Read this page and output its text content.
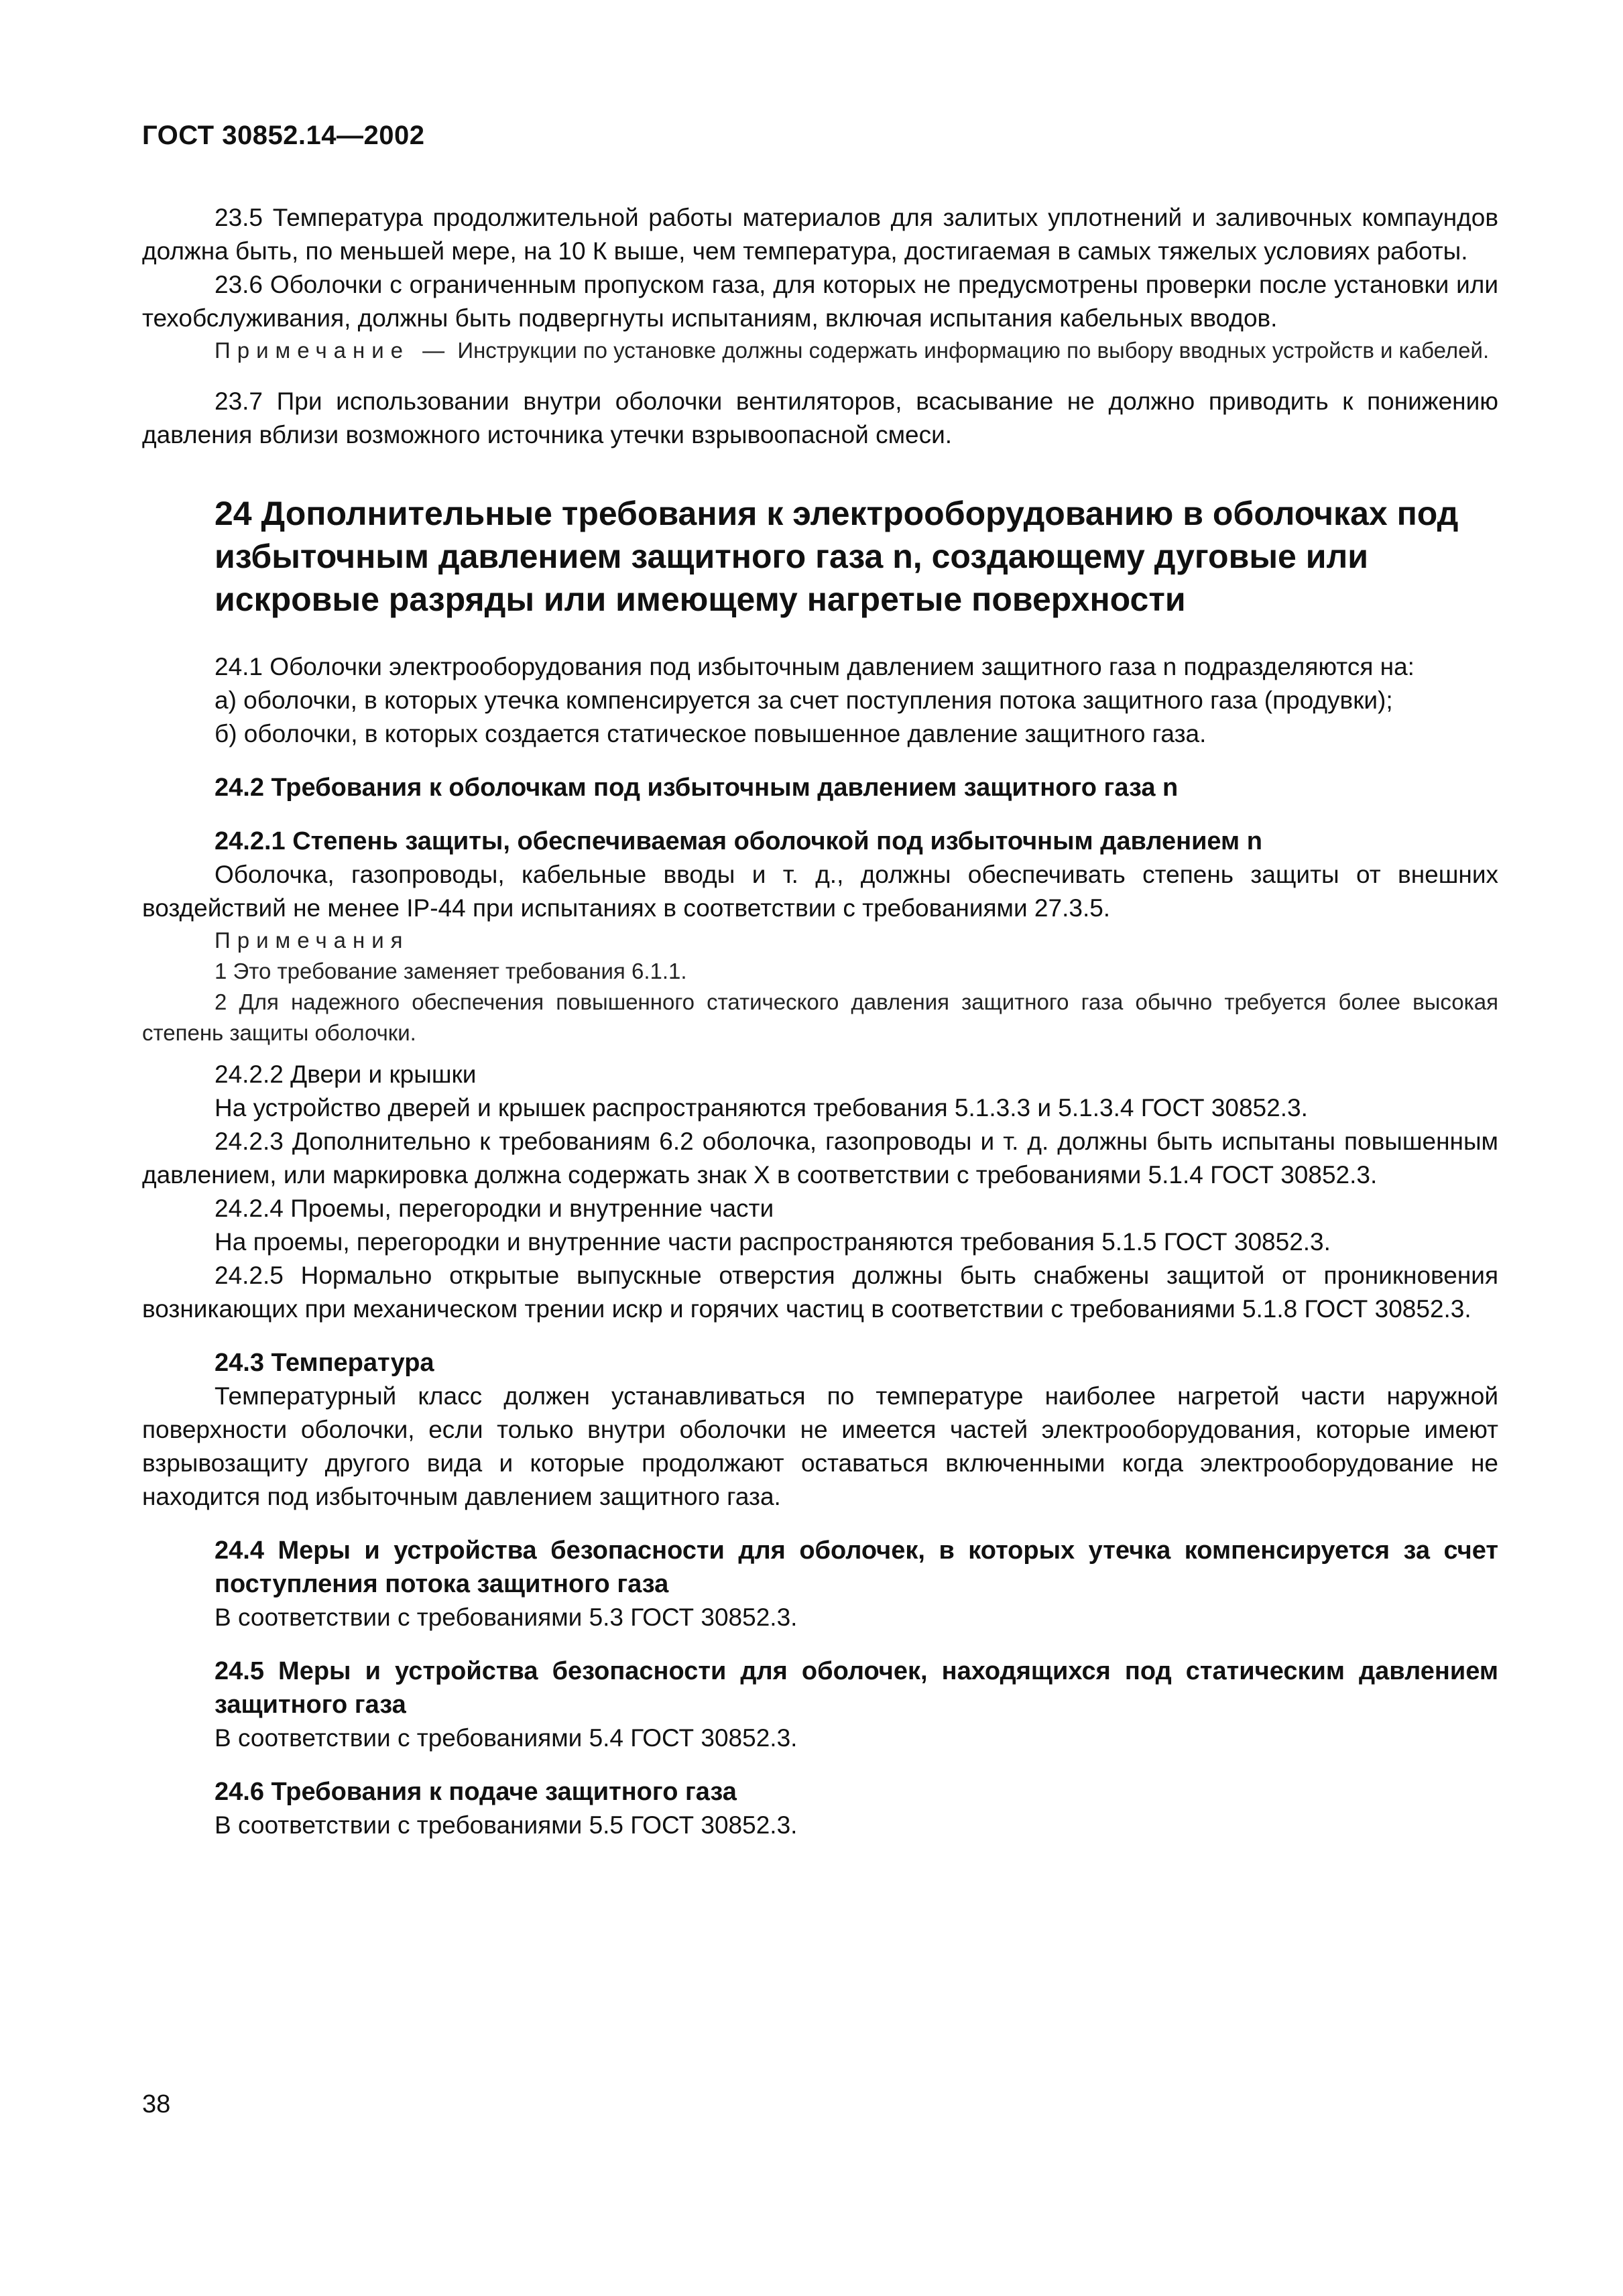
ГОСТ 30852.14—2002

23.5 Температура продолжительной работы материалов для залитых уплотнений и заливочных компаундов должна быть, по меньшей мере, на 10 К выше, чем температура, достигаемая в самых тяжелых условиях работы.

23.6 Оболочки с ограниченным пропуском газа, для которых не предусмотрены проверки после установки или техобслуживания, должны быть подвергнуты испытаниям, включая испытания кабельных вводов.

Примечание — Инструкции по установке должны содержать информацию по выбору вводных устройств и кабелей.

23.7 При использовании внутри оболочки вентиляторов, всасывание не должно приводить к понижению давления вблизи возможного источника утечки взрывоопасной смеси.

24 Дополнительные требования к электрооборудованию в оболочках под избыточным давлением защитного газа n, создающему дуговые или искровые разряды или имеющему нагретые поверхности

24.1 Оболочки электрооборудования под избыточным давлением защитного газа n подразделяются на:

а) оболочки, в которых утечка компенсируется за счет поступления потока защитного газа (продувки);

б) оболочки, в которых создается статическое повышенное давление защитного газа.

24.2 Требования к оболочкам под избыточным давлением защитного газа n
24.2.1 Степень защиты, обеспечиваемая оболочкой под избыточным давлением n

Оболочка, газопроводы, кабельные вводы и т. д., должны обеспечивать степень защиты от внешних воздействий не менее IP-44 при испытаниях в соответствии с требованиями 27.3.5.

Примечания

1 Это требование заменяет требования 6.1.1.

2 Для надежного обеспечения повышенного статического давления защитного газа обычно требуется более высокая степень защиты оболочки.

24.2.2 Двери и крышки

На устройство дверей и крышек распространяются требования 5.1.3.3 и 5.1.3.4 ГОСТ 30852.3.

24.2.3 Дополнительно к требованиям 6.2 оболочка, газопроводы и т. д. должны быть испытаны повышенным давлением, или маркировка должна содержать знак X в соответствии с требованиями 5.1.4 ГОСТ 30852.3.

24.2.4 Проемы, перегородки и внутренние части

На проемы, перегородки и внутренние части распространяются требования 5.1.5 ГОСТ 30852.3.

24.2.5 Нормально открытые выпускные отверстия должны быть снабжены защитой от проникновения возникающих при механическом трении искр и горячих частиц в соответствии с требованиями 5.1.8 ГОСТ 30852.3.

24.3 Температура

Температурный класс должен устанавливаться по температуре наиболее нагретой части наружной поверхности оболочки, если только внутри оболочки не имеется частей электрооборудования, которые имеют взрывозащиту другого вида и которые продолжают оставаться включенными когда электрооборудование не находится под избыточным давлением защитного газа.

24.4 Меры и устройства безопасности для оболочек, в которых утечка компенсируется за счет поступления потока защитного газа

В соответствии с требованиями 5.3 ГОСТ 30852.3.

24.5 Меры и устройства безопасности для оболочек, находящихся под статическим давлением защитного газа

В соответствии с требованиями 5.4 ГОСТ 30852.3.

24.6 Требования к подаче защитного газа

В соответствии с требованиями 5.5 ГОСТ 30852.3.

38
